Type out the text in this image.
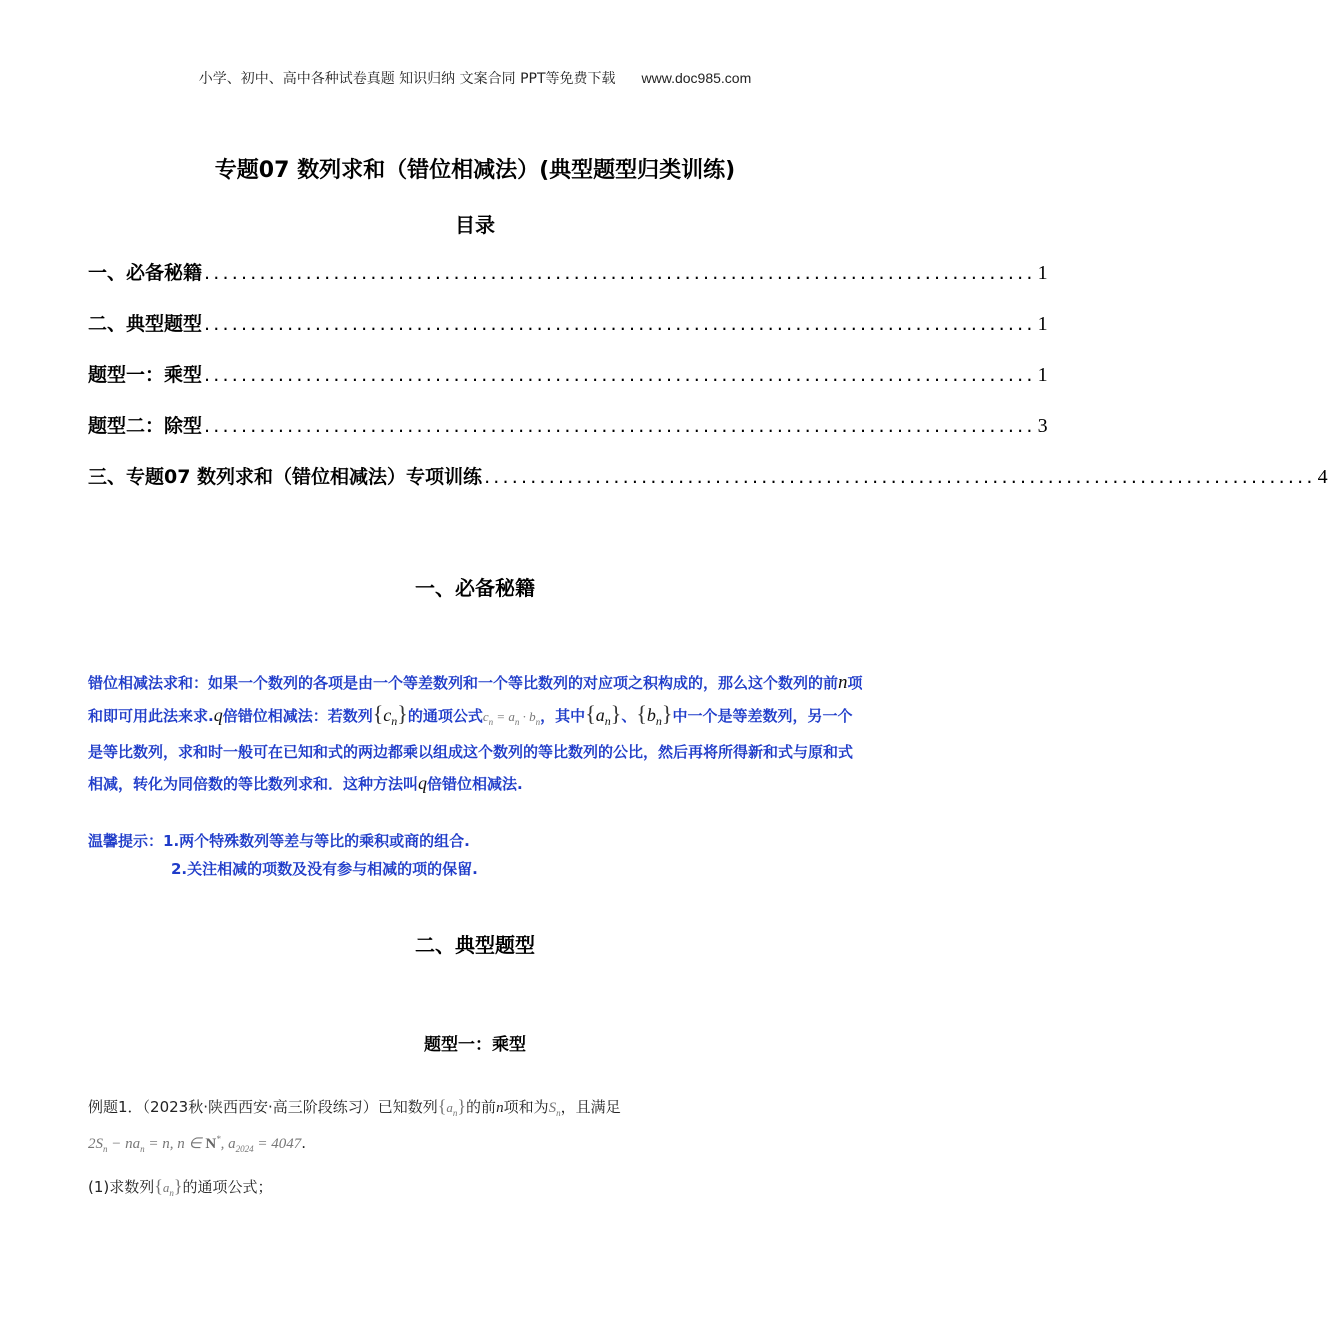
小学、初中、高中各种试卷真题 知识归纳 文案合同 PPT等免费下载 www.doc985.com
专题07 数列求和（错位相减法）(典型题型归类训练)
目录
一、必备秘籍 .......................................................................................... 1
二、典型题型 .......................................................................................... 1
题型一：乘型 .......................................................................................... 1
题型二：除型 .......................................................................................... 3
三、专题07 数列求和（错位相减法）专项训练 .......................................................................................... 4
一、必备秘籍
错位相减法求和：如果一个数列的各项是由一个等差数列和一个等比数列的对应项之积构成的，那么这个数列的前n项和即可用此法来求.q倍错位相减法：若数列$\{c_n\}$的通项公式$c_n = a_n \cdot b_n$，其中$\{a_n\}$、$\{b_n\}$中一个是等差数列，另一个是等比数列，求和时一般可在已知和式的两边都乘以组成这个数列的等比数列的公比，然后再将所得新和式与原和式相减，转化为同倍数的等比数列求和．这种方法叫q倍错位相减法.
温馨提示：1.两个特殊数列等差与等比的乘积或商的组合.
2.关注相减的项数及没有参与相减的项的保留.
二、典型题型
题型一：乘型
例题1．（2023秋·陕西西安·高三阶段练习）已知数列$\{a_n\}$的前n项和为$S_n$，且满足
$2S_n - na_n = n$, n ∈ N*, $a_{2024} = 4047$.
(1)求数列$\{a_n\}$的通项公式；
